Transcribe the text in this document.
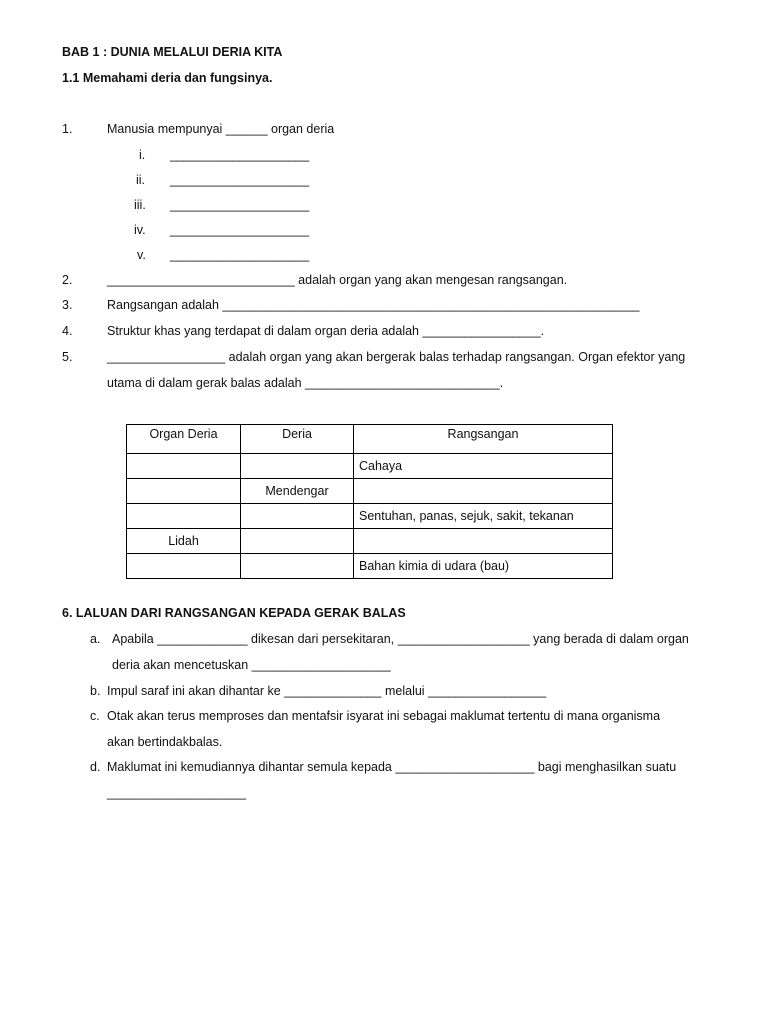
BAB 1 : DUNIA MELALUI DERIA KITA
1.1 Memahami deria dan fungsinya.
1.	Manusia mempunyai ______ organ deria
i. ____________________
ii. ____________________
iii. ____________________
iv. ____________________
v. ____________________
2.	___________________________ adalah organ yang akan mengesan rangsangan.
3.	Rangsangan adalah ____________________________________________________________
4.	Struktur khas yang terdapat di dalam organ deria adalah _________________.
5.	_________________ adalah organ yang akan bergerak balas terhadap rangsangan. Organ efektor yang
utama di dalam gerak balas adalah ____________________________.
Organ Deria	Deria	Rangsangan
		Cahaya
	Mendengar	
		Sentuhan, panas, sejuk, sakit, tekanan
Lidah		
		Bahan kimia di udara (bau)
6. LALUAN DARI RANGSANGAN KEPADA GERAK BALAS
a. Apabila _____________ dikesan dari persekitaran, ___________________ yang berada di dalam organ
deria akan mencetuskan ____________________
b. Impul saraf ini akan dihantar ke ______________ melalui _________________
c. Otak akan terus memproses dan mentafsir isyarat ini sebagai maklumat tertentu di mana organisma
akan bertindakbalas.
d. Maklumat ini kemudiannya dihantar semula kepada ____________________ bagi menghasilkan suatu
____________________
